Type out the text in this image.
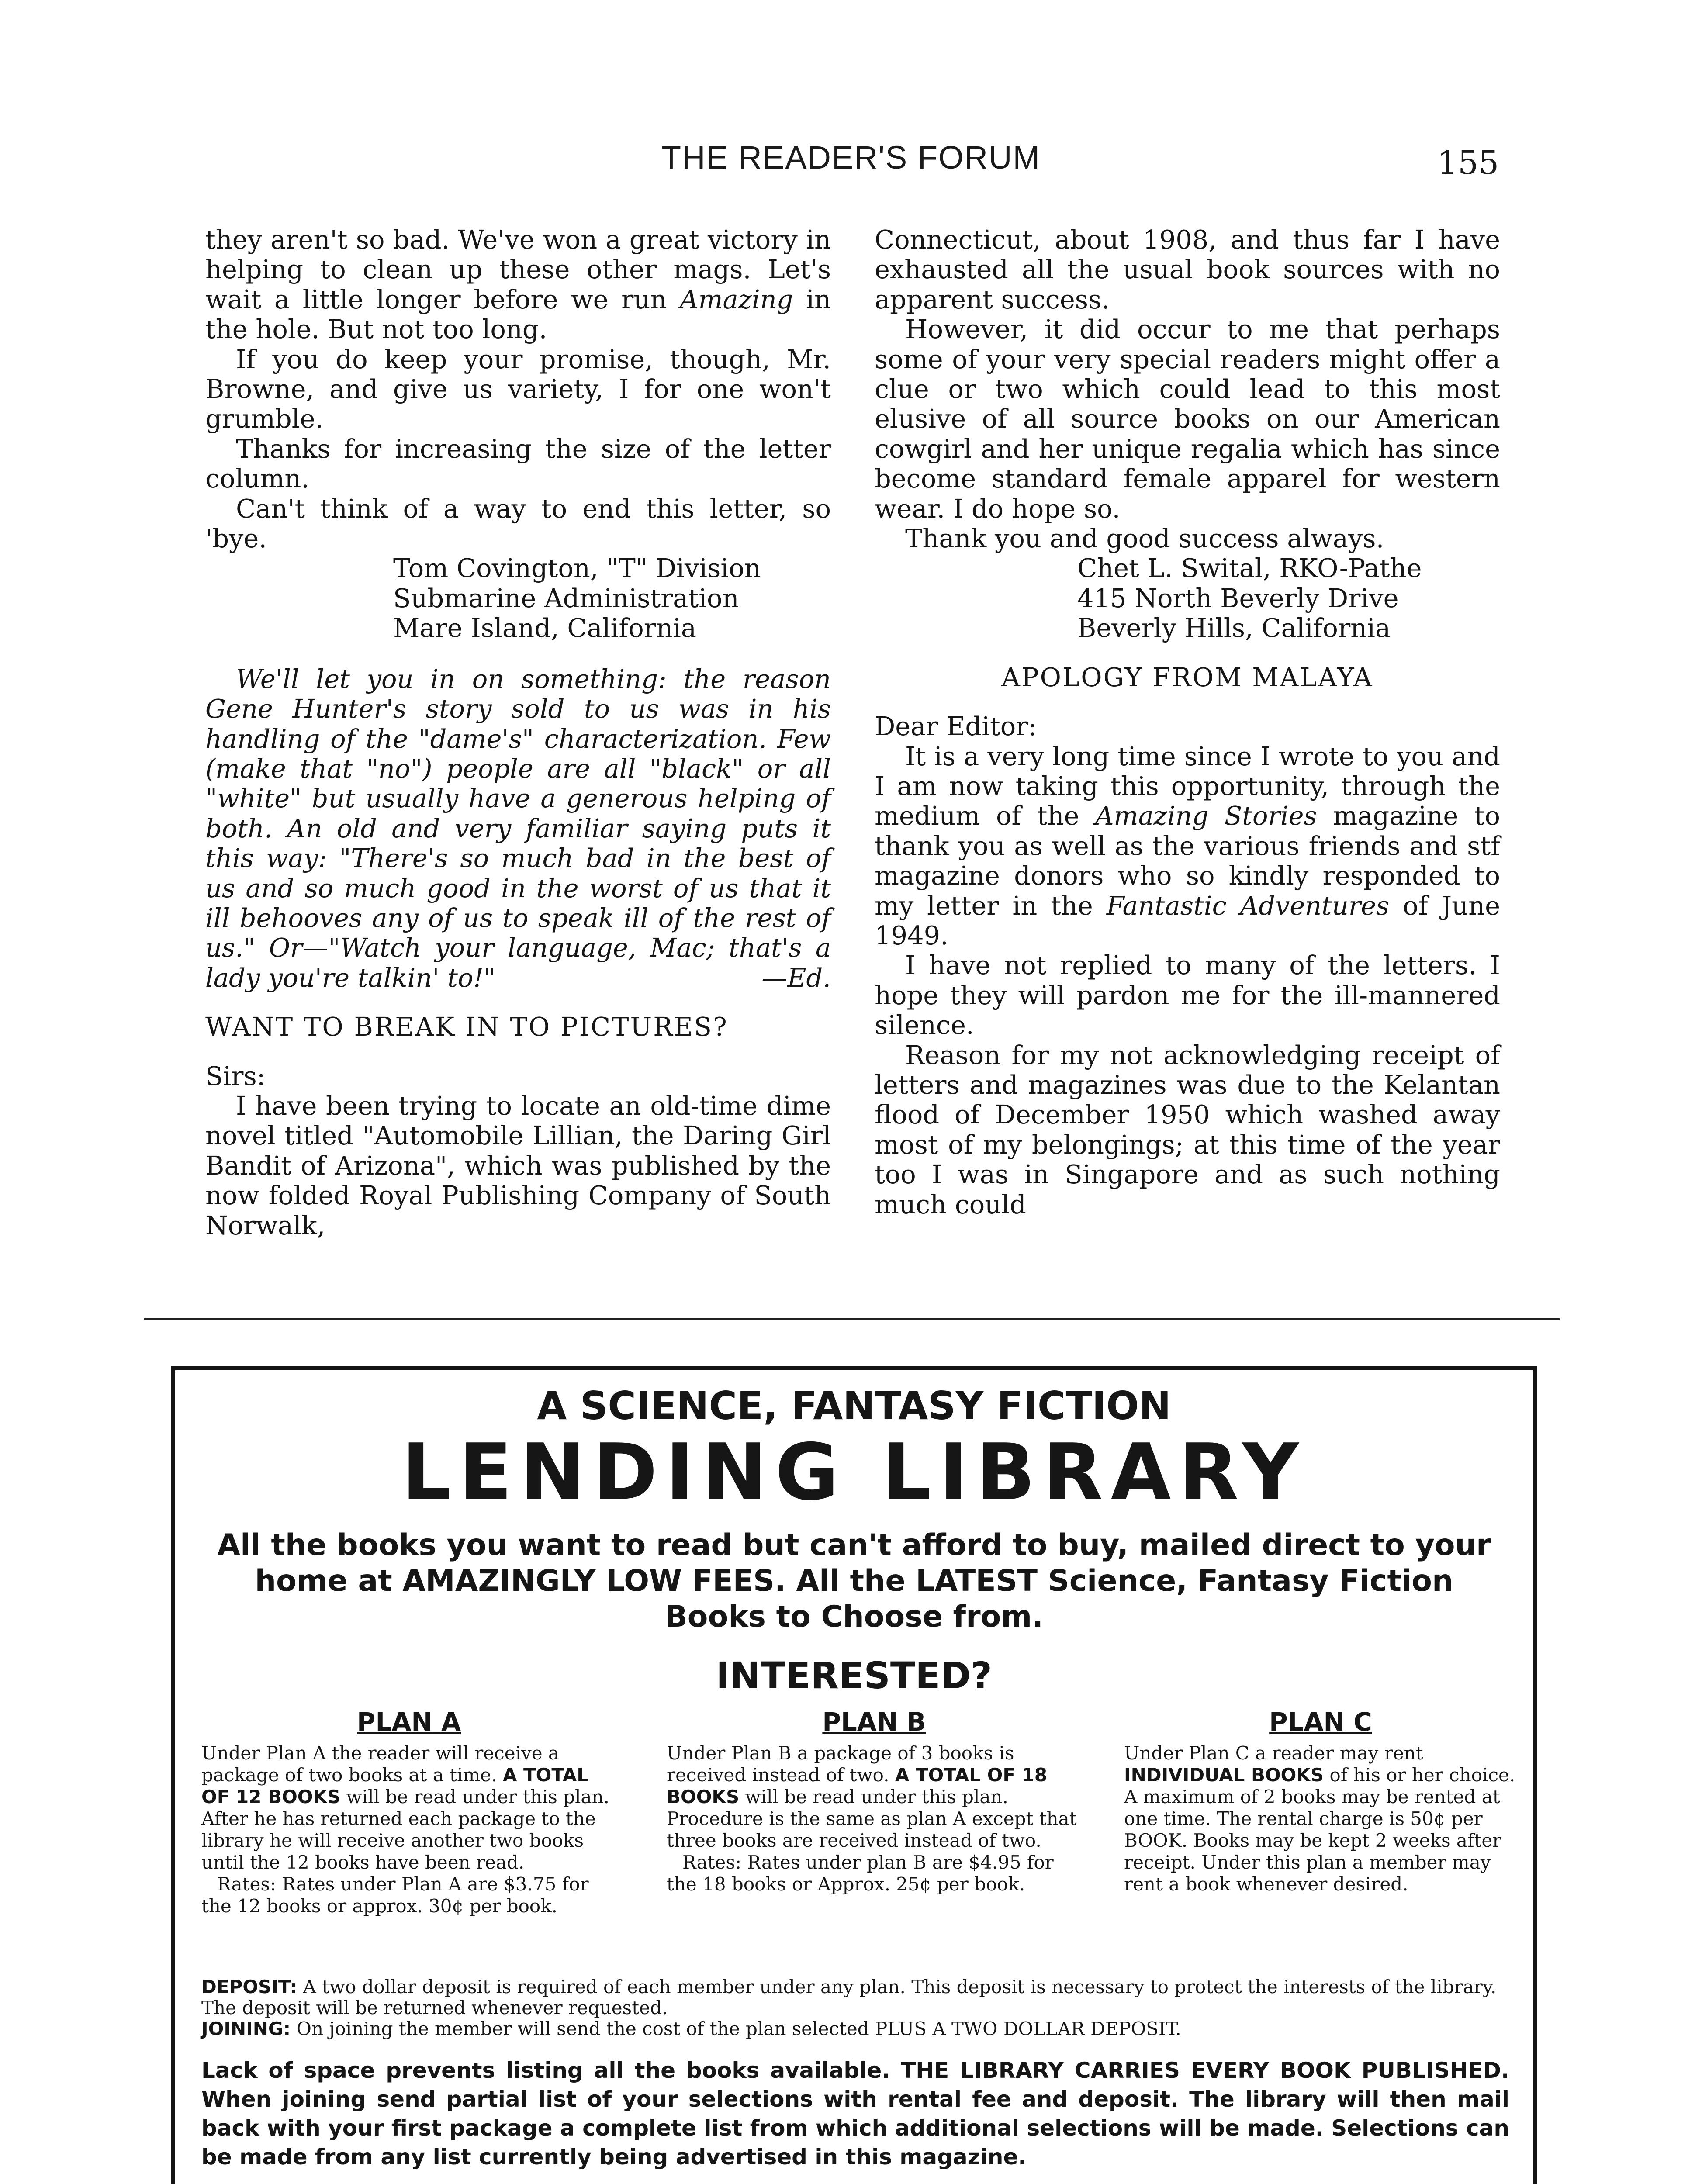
THE READER'S FORUM	155

they aren't so bad. We've won a great victory in helping to clean up these other mags. Let's wait a little longer before we run Amazing in the hole. But not too long.

If you do keep your promise, though, Mr. Browne, and give us variety, I for one won't grumble.

Thanks for increasing the size of the letter column.

Can't think of a way to end this letter, so 'bye.

Tom Covington, "T" Division
Submarine Administration
Mare Island, California

We'll let you in on something: the reason Gene Hunter's story sold to us was in his handling of the "dame's" characterization. Few (make that "no") people are all "black" or all "white" but usually have a generous helping of both. An old and very familiar saying puts it this way: "There's so much bad in the best of us and so much good in the worst of us that it ill behooves any of us to speak ill of the rest of us." Or—"Watch your language, Mac; that's a lady you're talkin' to!"	—Ed.

WANT TO BREAK IN TO PICTURES?

Sirs:

I have been trying to locate an old-time dime novel titled "Automobile Lillian, the Daring Girl Bandit of Arizona", which was published by the now folded Royal Publishing Company of South Norwalk,

Connecticut, about 1908, and thus far I have exhausted all the usual book sources with no apparent success.

However, it did occur to me that perhaps some of your very special readers might offer a clue or two which could lead to this most elusive of all source books on our American cowgirl and her unique regalia which has since become standard female apparel for western wear. I do hope so.

Thank you and good success always.

Chet L. Swital, RKO-Pathe
415 North Beverly Drive
Beverly Hills, California

APOLOGY FROM MALAYA

Dear Editor:

It is a very long time since I wrote to you and I am now taking this opportunity, through the medium of the Amazing Stories magazine to thank you as well as the various friends and stf magazine donors who so kindly responded to my letter in the Fantastic Adventures of June 1949.

I have not replied to many of the letters. I hope they will pardon me for the ill-mannered silence.

Reason for my not acknowledging receipt of letters and magazines was due to the Kelantan flood of December 1950 which washed away most of my belongings; at this time of the year too I was in Singapore and as such nothing much could

A SCIENCE, FANTASY FICTION
LENDING LIBRARY
All the books you want to read but can't afford to buy, mailed direct to your home at AMAZINGLY LOW FEES. All the LATEST Science, Fantasy Fiction Books to Choose from.
INTERESTED?
PLAN A

Under Plan A the reader will receive a package of two books at a time. A TOTAL OF 12 BOOKS will be read under this plan. After he has returned each package to the library he will receive another two books until the 12 books have been read.

Rates: Rates under Plan A are $3.75 for the 12 books or approx. 30¢ per book.

PLAN B

Under Plan B a package of 3 books is received instead of two. A TOTAL OF 18 BOOKS will be read under this plan. Procedure is the same as plan A except that three books are received instead of two.

Rates: Rates under plan B are $4.95 for the 18 books or Approx. 25¢ per book.

PLAN C

Under Plan C a reader may rent INDIVIDUAL BOOKS of his or her choice. A maximum of 2 books may be rented at one time. The rental charge is 50¢ per BOOK. Books may be kept 2 weeks after receipt. Under this plan a member may rent a book whenever desired.

DEPOSIT: A two dollar deposit is required of each member under any plan. This deposit is necessary to protect the interests of the library. The deposit will be returned whenever requested.

JOINING: On joining the member will send the cost of the plan selected PLUS A TWO DOLLAR DEPOSIT.

Lack of space prevents listing all the books available. THE LIBRARY CARRIES EVERY BOOK PUBLISHED. When joining send partial list of your selections with rental fee and deposit. The library will then mail back with your first package a complete list from which additional selections will be made. Selections can be made from any list currently being advertised in this magazine.
